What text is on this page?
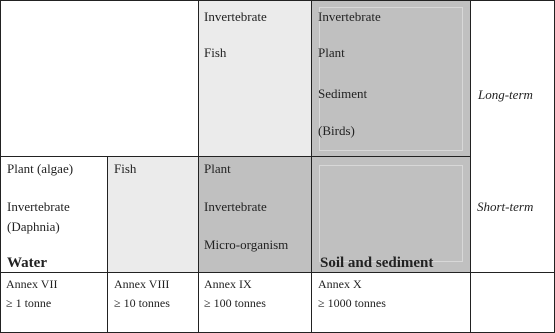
Invertebrate
Fish
Invertebrate
Plant
Sediment
(Birds)
Plant (algae)
Invertebrate
(Daphnia)
Water
Fish	Plant
Invertebrate
Micro-organism
Soil and sediment
Long-term
Short-term
Annex VII
≥ 1 tonne
Annex VIII
≥ 10 tonnes
Annex IX
≥ 100 tonnes
Annex X
≥ 1000 tonnes
